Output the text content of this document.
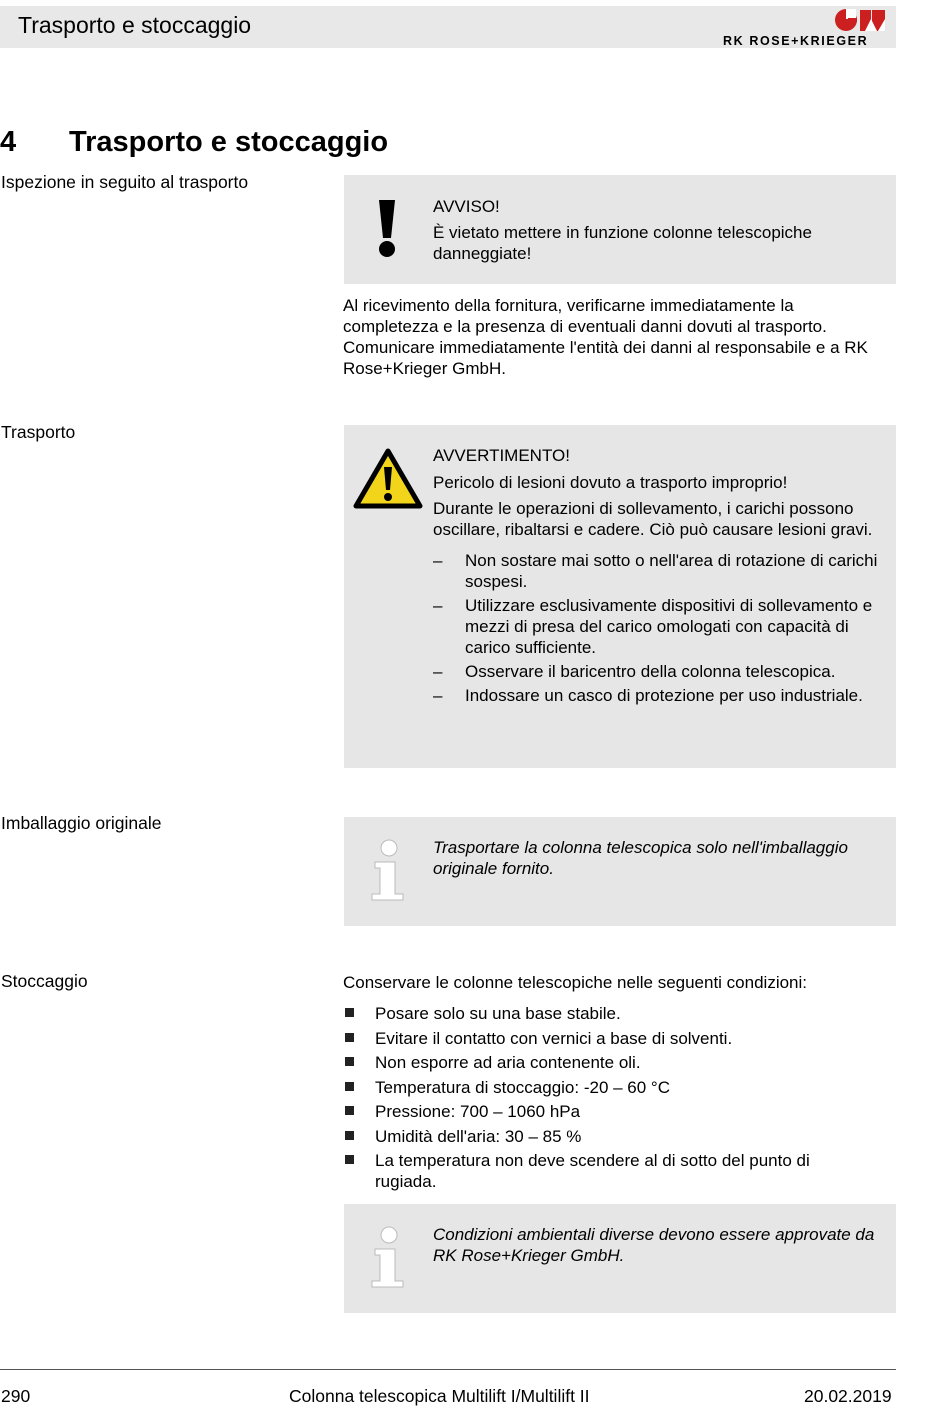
Trasporto e stoccaggio
RK ROSE+KRIEGER
4 Trasporto e stoccaggio
Ispezione in seguito al trasporto
AVVISO!
È vietato mettere in funzione colonne telescopiche danneggiate!
Al ricevimento della fornitura, verificarne immediatamente la completezza e la presenza di eventuali danni dovuti al trasporto. Comunicare immediatamente l'entità dei danni al responsabile e a RK Rose+Krieger GmbH.
Trasporto
AVVERTIMENTO!
Pericolo di lesioni dovuto a trasporto improprio!
Durante le operazioni di sollevamento, i carichi possono oscillare, ribaltarsi e cadere. Ciò può causare lesioni gravi.
– Non sostare mai sotto o nell'area di rotazione di carichi sospesi.
– Utilizzare esclusivamente dispositivi di sollevamento e mezzi di presa del carico omologati con capacità di carico sufficiente.
– Osservare il baricentro della colonna telescopica.
– Indossare un casco di protezione per uso industriale.
Imballaggio originale
Trasportare la colonna telescopica solo nell'imballaggio originale fornito.
Stoccaggio	Conservare le colonne telescopiche nelle seguenti condizioni:
Posare solo su una base stabile.
Evitare il contatto con vernici a base di solventi.
Non esporre ad aria contenente oli.
Temperatura di stoccaggio: -20 – 60 °C
Pressione: 700 – 1060 hPa
Umidità dell'aria: 30 – 85 %
La temperatura non deve scendere al di sotto del punto di rugiada.
Condizioni ambientali diverse devono essere approvate da RK Rose+Krieger GmbH.
290	Colonna telescopica Multilift I/Multilift II	20.02.2019
